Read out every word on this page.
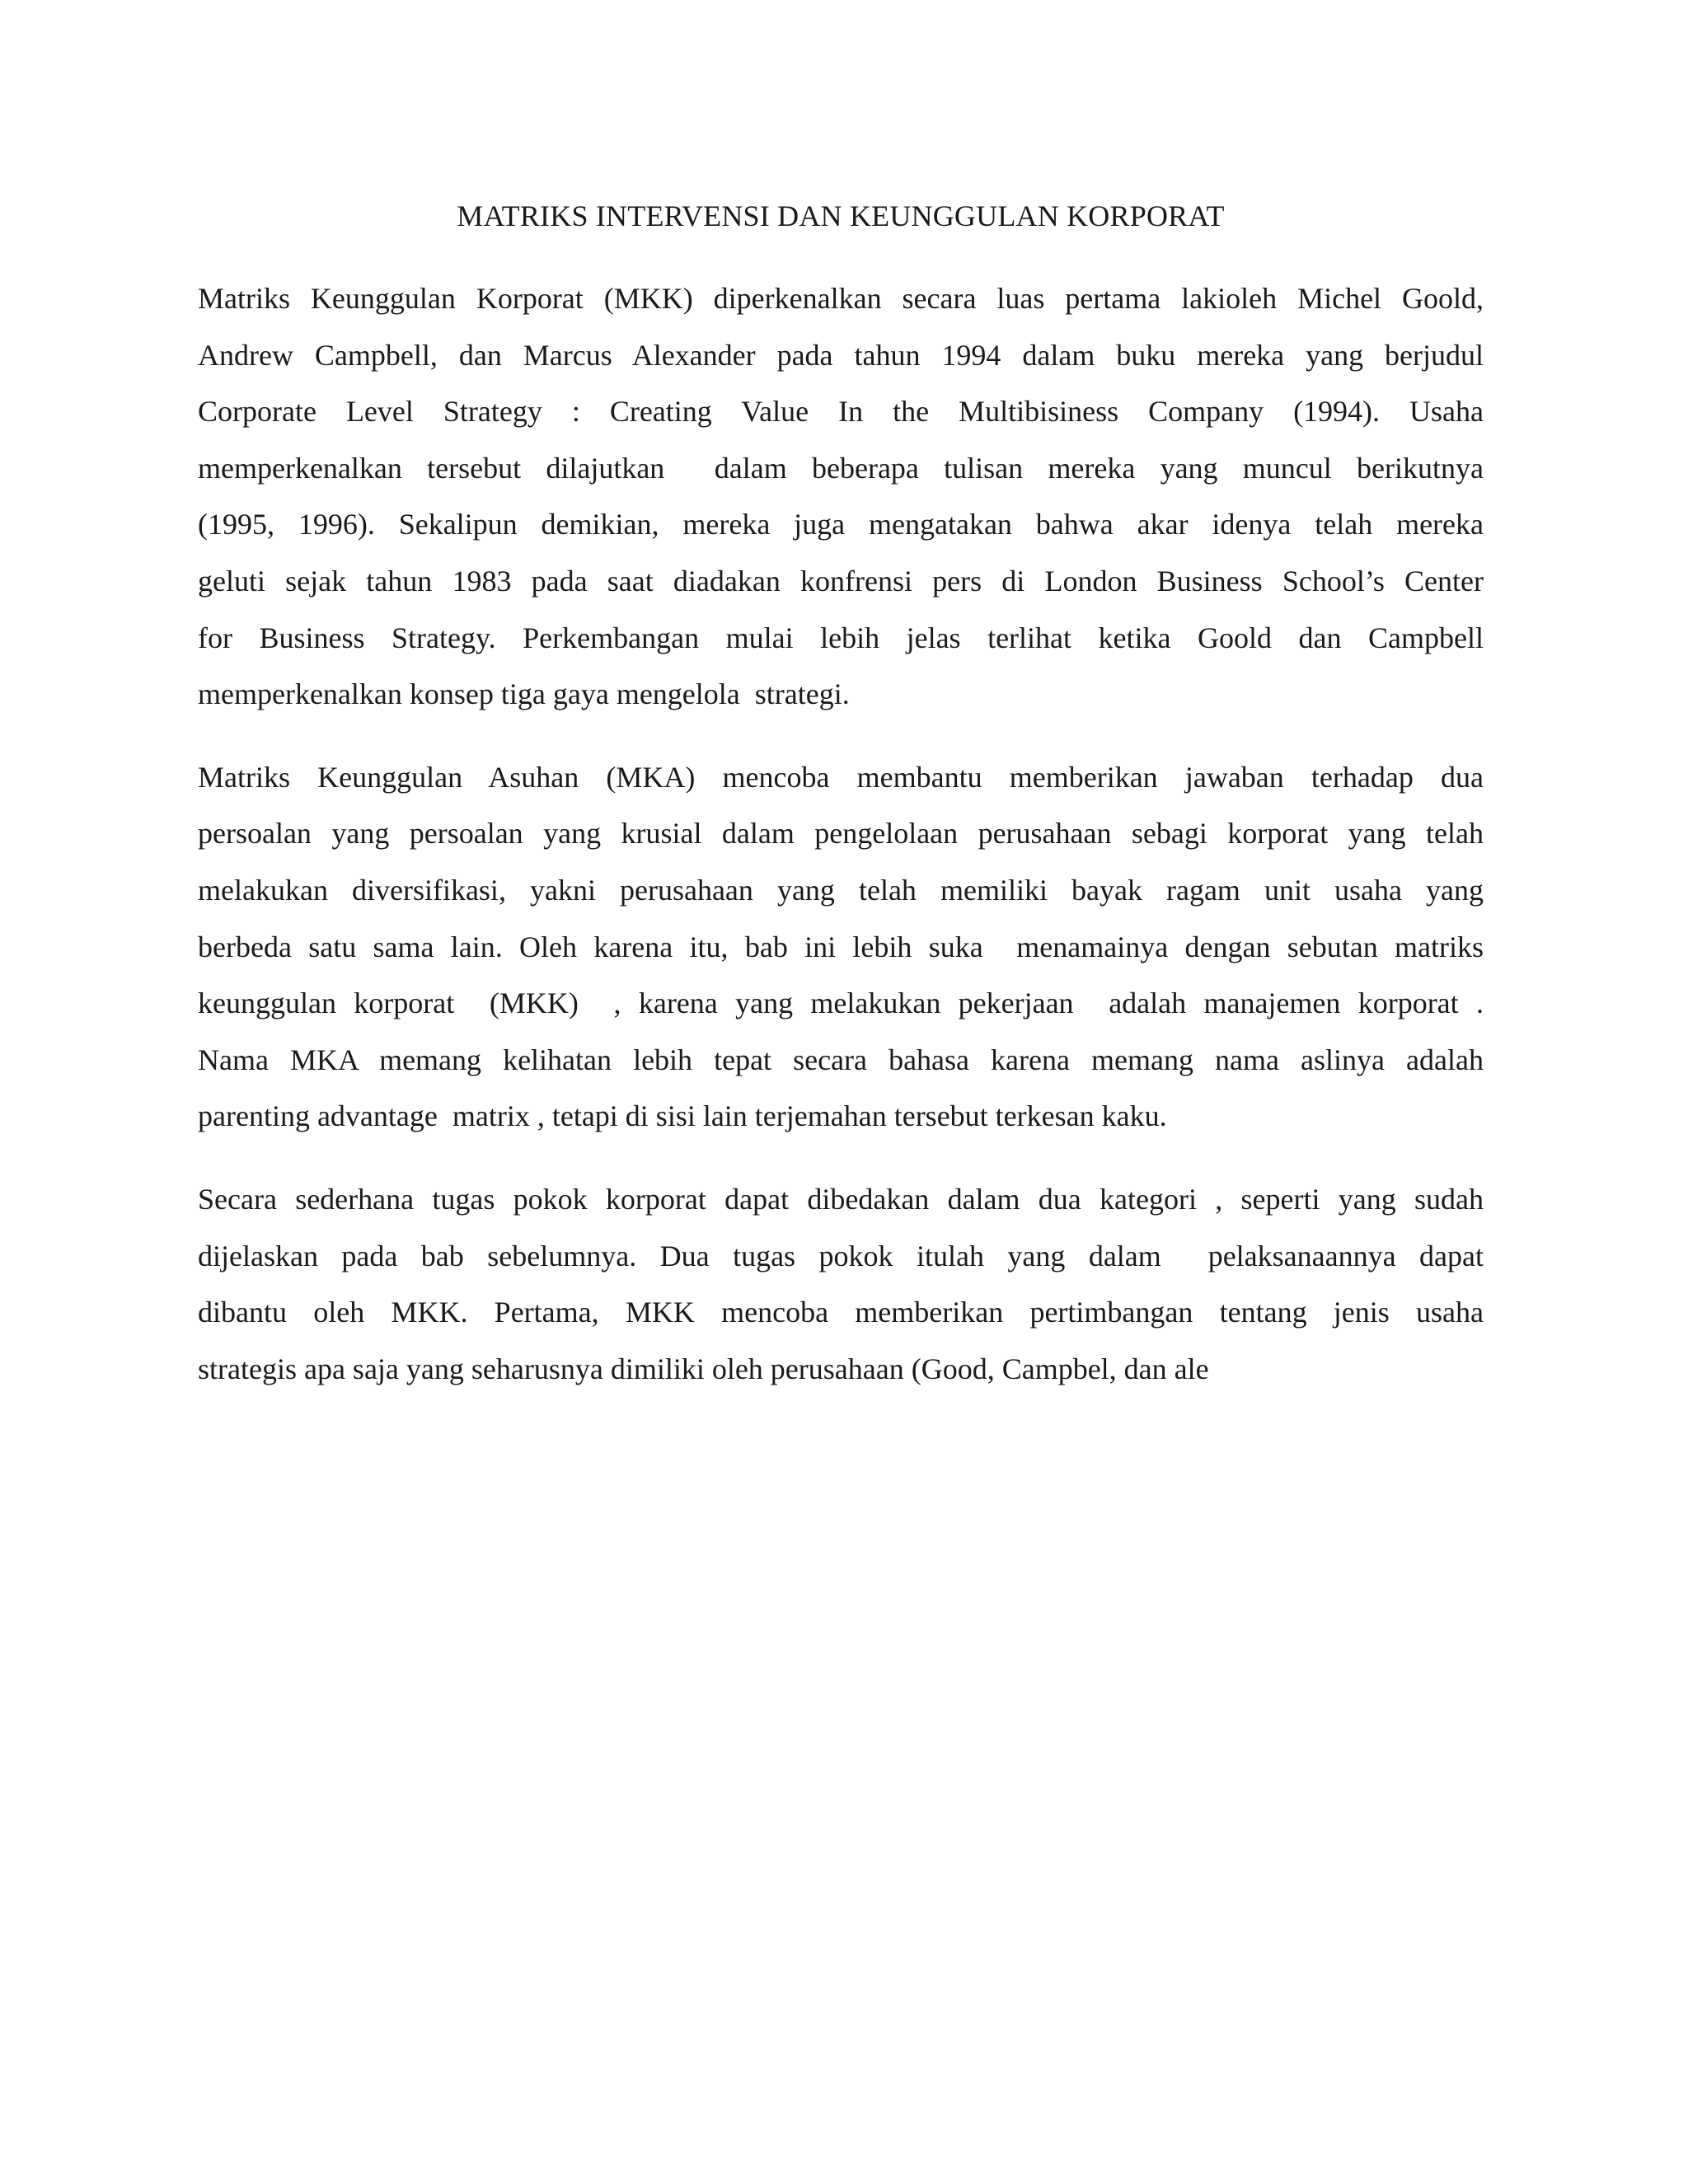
MATRIKS INTERVENSI DAN KEUNGGULAN KORPORAT
Matriks Keunggulan Korporat (MKK) diperkenalkan secara luas pertama lakioleh Michel Goold,
Andrew Campbell, dan Marcus Alexander pada tahun 1994 dalam buku mereka yang berjudul
Corporate Level Strategy : Creating Value In the Multibisiness Company (1994). Usaha
memperkenalkan tersebut dilajutkan  dalam beberapa tulisan mereka yang muncul berikutnya
(1995, 1996). Sekalipun demikian, mereka juga mengatakan bahwa akar idenya telah mereka
geluti sejak tahun 1983 pada saat diadakan konfrensi pers di London Business School’s Center
for Business Strategy. Perkembangan mulai lebih jelas terlihat ketika Goold dan Campbell
memperkenalkan konsep tiga gaya mengelola  strategi.
Matriks Keunggulan Asuhan (MKA) mencoba membantu memberikan jawaban terhadap dua
persoalan yang persoalan yang krusial dalam pengelolaan perusahaan sebagi korporat yang telah
melakukan diversifikasi, yakni perusahaan yang telah memiliki bayak ragam unit usaha yang
berbeda satu sama lain. Oleh karena itu, bab ini lebih suka  menamainya dengan sebutan matriks
keunggulan korporat  (MKK)  , karena yang melakukan pekerjaan  adalah manajemen korporat .
Nama MKA memang kelihatan lebih tepat secara bahasa karena memang nama aslinya adalah
parenting advantage  matrix , tetapi di sisi lain terjemahan tersebut terkesan kaku.
Secara sederhana tugas pokok korporat dapat dibedakan dalam dua kategori , seperti yang sudah
dijelaskan pada bab sebelumnya. Dua tugas pokok itulah yang dalam  pelaksanaannya dapat
dibantu oleh MKK. Pertama, MKK mencoba memberikan pertimbangan tentang jenis usaha
strategis apa saja yang seharusnya dimiliki oleh perusahaan (Good, Campbel, dan ale
